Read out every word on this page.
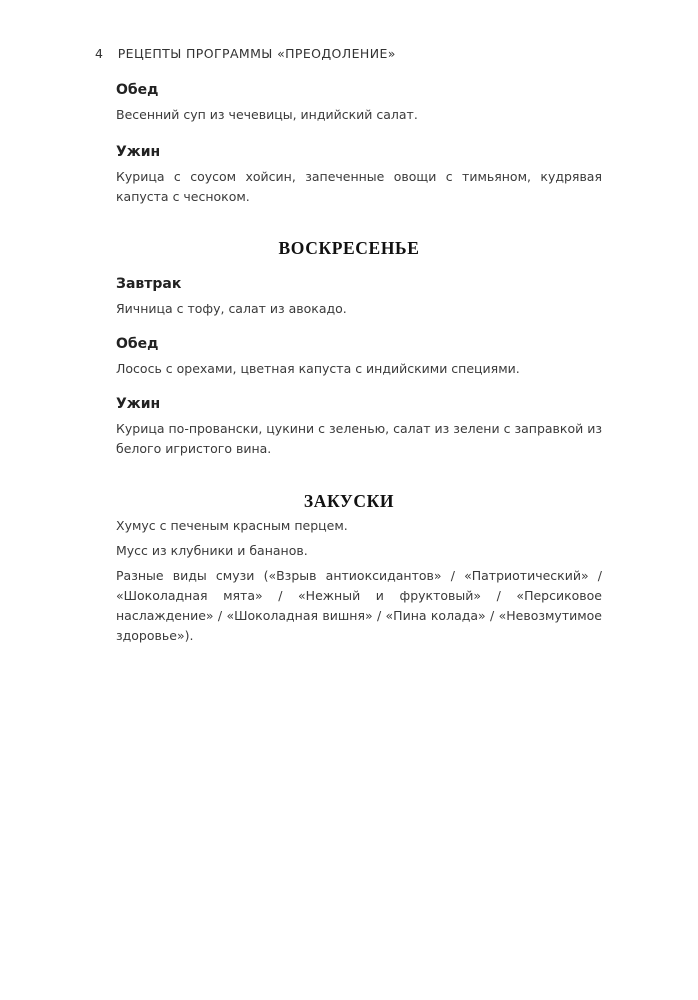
4 РЕЦЕПТЫ ПРОГРАММЫ «ПРЕОДОЛЕНИЕ»

Обед

Весенний суп из чечевицы, индийский салат.

Ужин

Курица с соусом хойсин, запеченные овощи с тимьяном, кудрявая капуста с чесноком.

ВОСКРЕСЕНЬЕ

Завтрак

Яичница с тофу, салат из авокадо.

Обед

Лосось с орехами, цветная капуста с индийскими специями.

Ужин

Курица по-провански, цукини с зеленью, салат из зелени с заправкой из белого игристого вина.

ЗАКУСКИ

Хумус с печеным красным перцем.

Мусс из клубники и бананов.

Разные виды смузи («Взрыв антиоксидантов» / «Патриотический» / «Шоколадная мята» / «Нежный и фруктовый» / «Персиковое наслаждение» / «Шоколадная вишня» / «Пина колада» / «Невозмутимое здоровье»).
